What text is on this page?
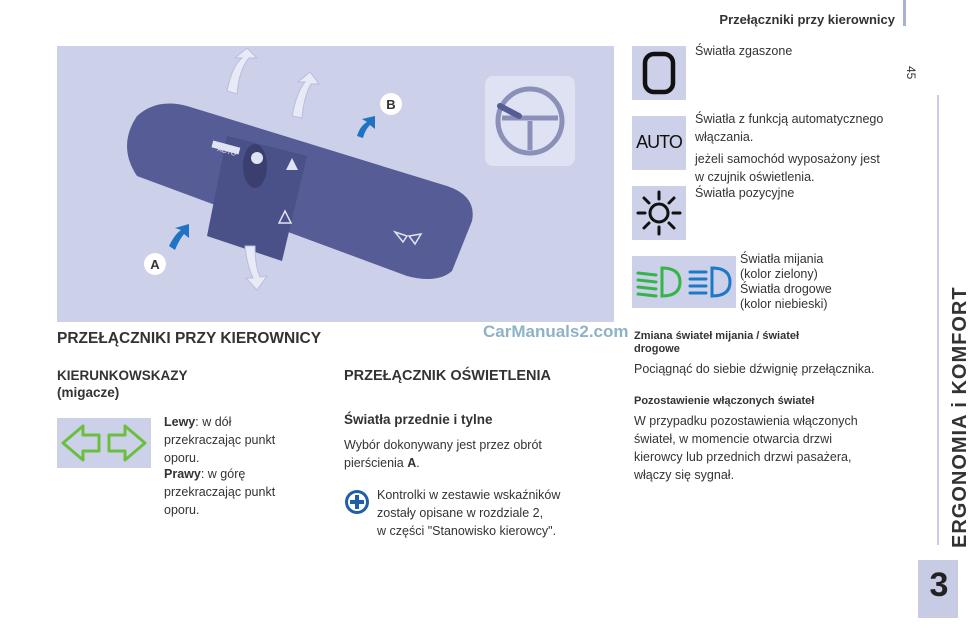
Przełączniki przy kierownicy
45
ERGONOMIA i KOMFORT
3
A
B
AUTO
CarManuals2.com
PRZEŁĄCZNIKI PRZY KIEROWNICY
KIERUNKOWSKAZY
(migacze)
Lewy: w dół
przekraczając punkt
oporu.
Prawy: w górę
przekraczając punkt
oporu.
PRZEŁĄCZNIK OŚWIETLENIA
Światła przednie i tylne
Wybór dokonywany jest przez obrót
pierścienia A.
Kontrolki w zestawie wskaźników
zostały opisane w rozdziale 2,
w części "Stanowisko kierowcy".
Światła zgaszone
AUTO
Światła z funkcją automatycznego
włączania.
jeżeli samochód wyposażony jest
w czujnik oświetlenia.
Światła pozycyjne
Światła mijania
(kolor zielony)
Światła drogowe
(kolor niebieski)
Zmiana świateł mijania / świateł
drogowe
Pociągnąć do siebie dźwignię przełącznika.
Pozostawienie włączonych świateł
W przypadku pozostawienia włączonych
świateł, w momencie otwarcia drzwi
kierowcy lub przednich drzwi pasażera,
włączy się sygnał.
